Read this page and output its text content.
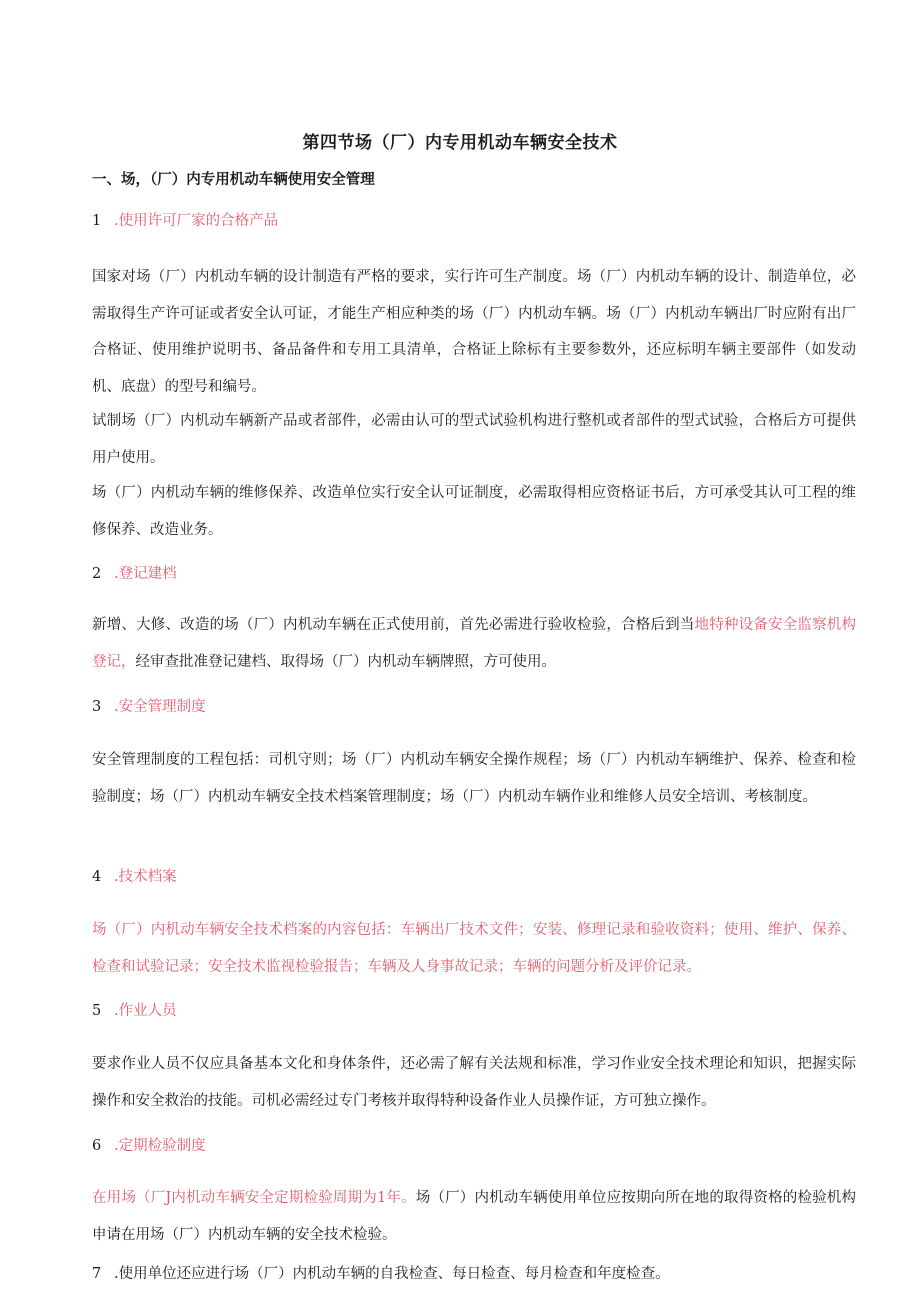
第四节场（厂）内专用机动车辆安全技术
一、场，（厂）内专用机动车辆使用安全管理
1 .使用许可厂家的合格产品
国家对场（厂）内机动车辆的设计制造有严格的要求，实行许可生产制度。场（厂）内机动车辆的设计、制造单位，必需取得生产许可证或者安全认可证，才能生产相应种类的场（厂）内机动车辆。场（厂）内机动车辆出厂时应附有出厂合格证、使用维护说明书、备品备件和专用工具清单，合格证上除标有主要参数外，还应标明车辆主要部件（如发动机、底盘）的型号和编号。
试制场（厂）内机动车辆新产品或者部件，必需由认可的型式试验机构进行整机或者部件的型式试验，合格后方可提供用户使用。
场（厂）内机动车辆的维修保养、改造单位实行安全认可证制度，必需取得相应资格证书后，方可承受其认可工程的维修保养、改造业务。
2 .登记建档
新增、大修、改造的场（厂）内机动车辆在正式使用前，首先必需进行验收检验，合格后到当地特种设备安全监察机构登记，经审查批准登记建档、取得场（厂）内机动车辆牌照，方可使用。
3 .安全管理制度
安全管理制度的工程包括：司机守则；场（厂）内机动车辆安全操作规程；场（厂）内机动车辆维护、保养、检查和检验制度；场（厂）内机动车辆安全技术档案管理制度；场（厂）内机动车辆作业和维修人员安全培训、考核制度。
4 .技术档案
场（厂）内机动车辆安全技术档案的内容包括：车辆出厂技术文件；安装、修理记录和验收资料；使用、维护、保养、检查和试验记录；安全技术监视检验报告；车辆及人身事故记录；车辆的问题分析及评价记录。
5 .作业人员
要求作业人员不仅应具备基本文化和身体条件，还必需了解有关法规和标准，学习作业安全技术理论和知识，把握实际操作和安全救治的技能。司机必需经过专门考核并取得特种设备作业人员操作证，方可独立操作。
6 .定期检验制度
在用场（厂J内机动车辆安全定期检验周期为1年。场（厂）内机动车辆使用单位应按期向所在地的取得资格的检验机构申请在用场（厂）内机动车辆的安全技术检验。
7 .使用单位还应进行场（厂）内机动车辆的自我检查、每日检查、每月检查和年度检查。
